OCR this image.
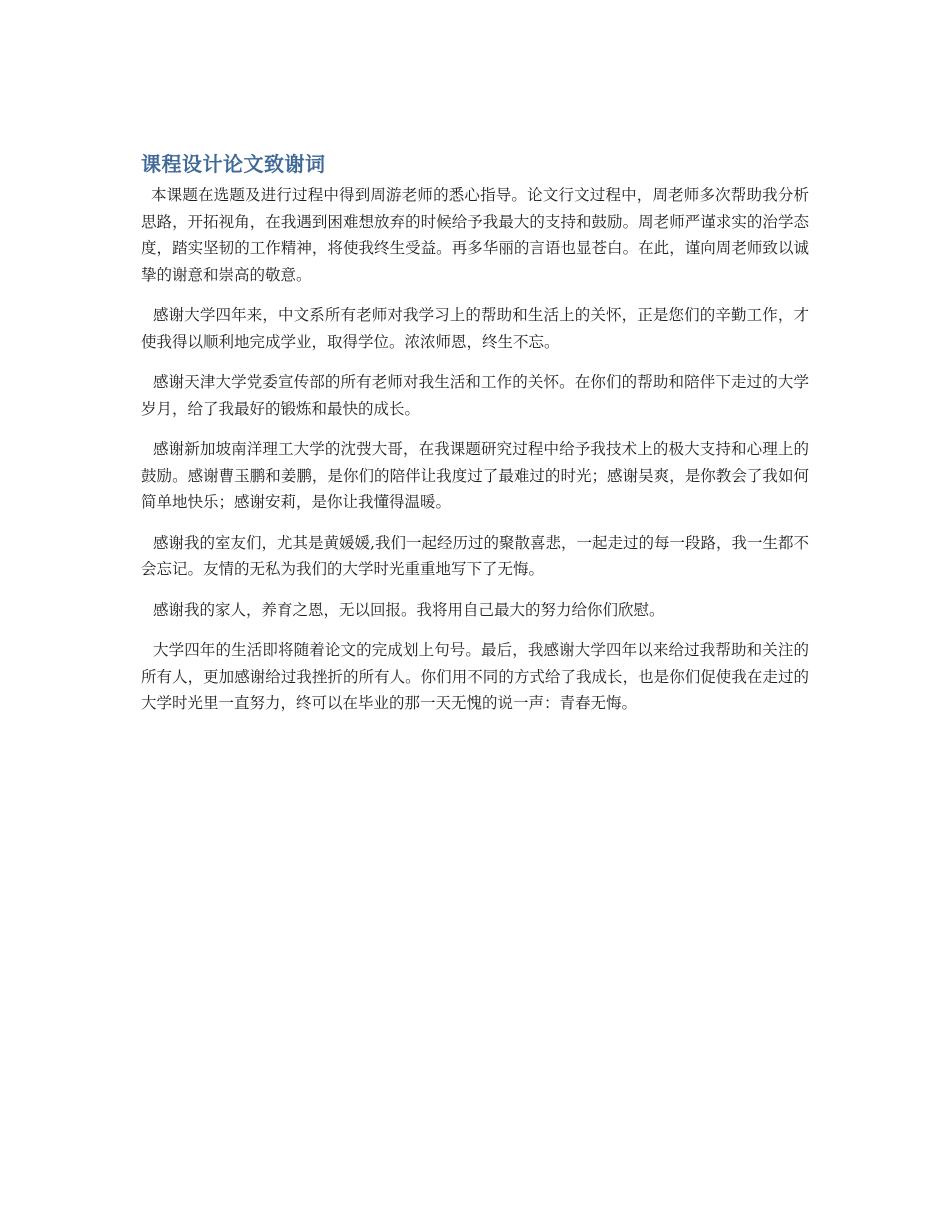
课程设计论文致谢词

本课题在选题及进行过程中得到周游老师的悉心指导。论文行文过程中，周老师多次帮助我分析思路，开拓视角，在我遇到困难想放弃的时候给予我最大的支持和鼓励。周老师严谨求实的治学态度，踏实坚韧的工作精神，将使我终生受益。再多华丽的言语也显苍白。在此，谨向周老师致以诚挚的谢意和崇高的敬意。

感谢大学四年来，中文系所有老师对我学习上的帮助和生活上的关怀，正是您们的辛勤工作，才使我得以顺利地完成学业，取得学位。浓浓师恩，终生不忘。

感谢天津大学党委宣传部的所有老师对我生活和工作的关怀。在你们的帮助和陪伴下走过的大学岁月，给了我最好的锻炼和最快的成长。

感谢新加坡南洋理工大学的沈弢大哥，在我课题研究过程中给予我技术上的极大支持和心理上的鼓励。感谢曹玉鹏和姜鹏，是你们的陪伴让我度过了最难过的时光；感谢吴爽，是你教会了我如何简单地快乐；感谢安莉，是你让我懂得温暖。

感谢我的室友们，尤其是黄媛媛,我们一起经历过的聚散喜悲，一起走过的每一段路，我一生都不会忘记。友情的无私为我们的大学时光重重地写下了无悔。

感谢我的家人，养育之恩，无以回报。我将用自己最大的努力给你们欣慰。

大学四年的生活即将随着论文的完成划上句号。最后，我感谢大学四年以来给过我帮助和关注的所有人，更加感谢给过我挫折的所有人。你们用不同的方式给了我成长，也是你们促使我在走过的大学时光里一直努力，终可以在毕业的那一天无愧的说一声：青春无悔。
